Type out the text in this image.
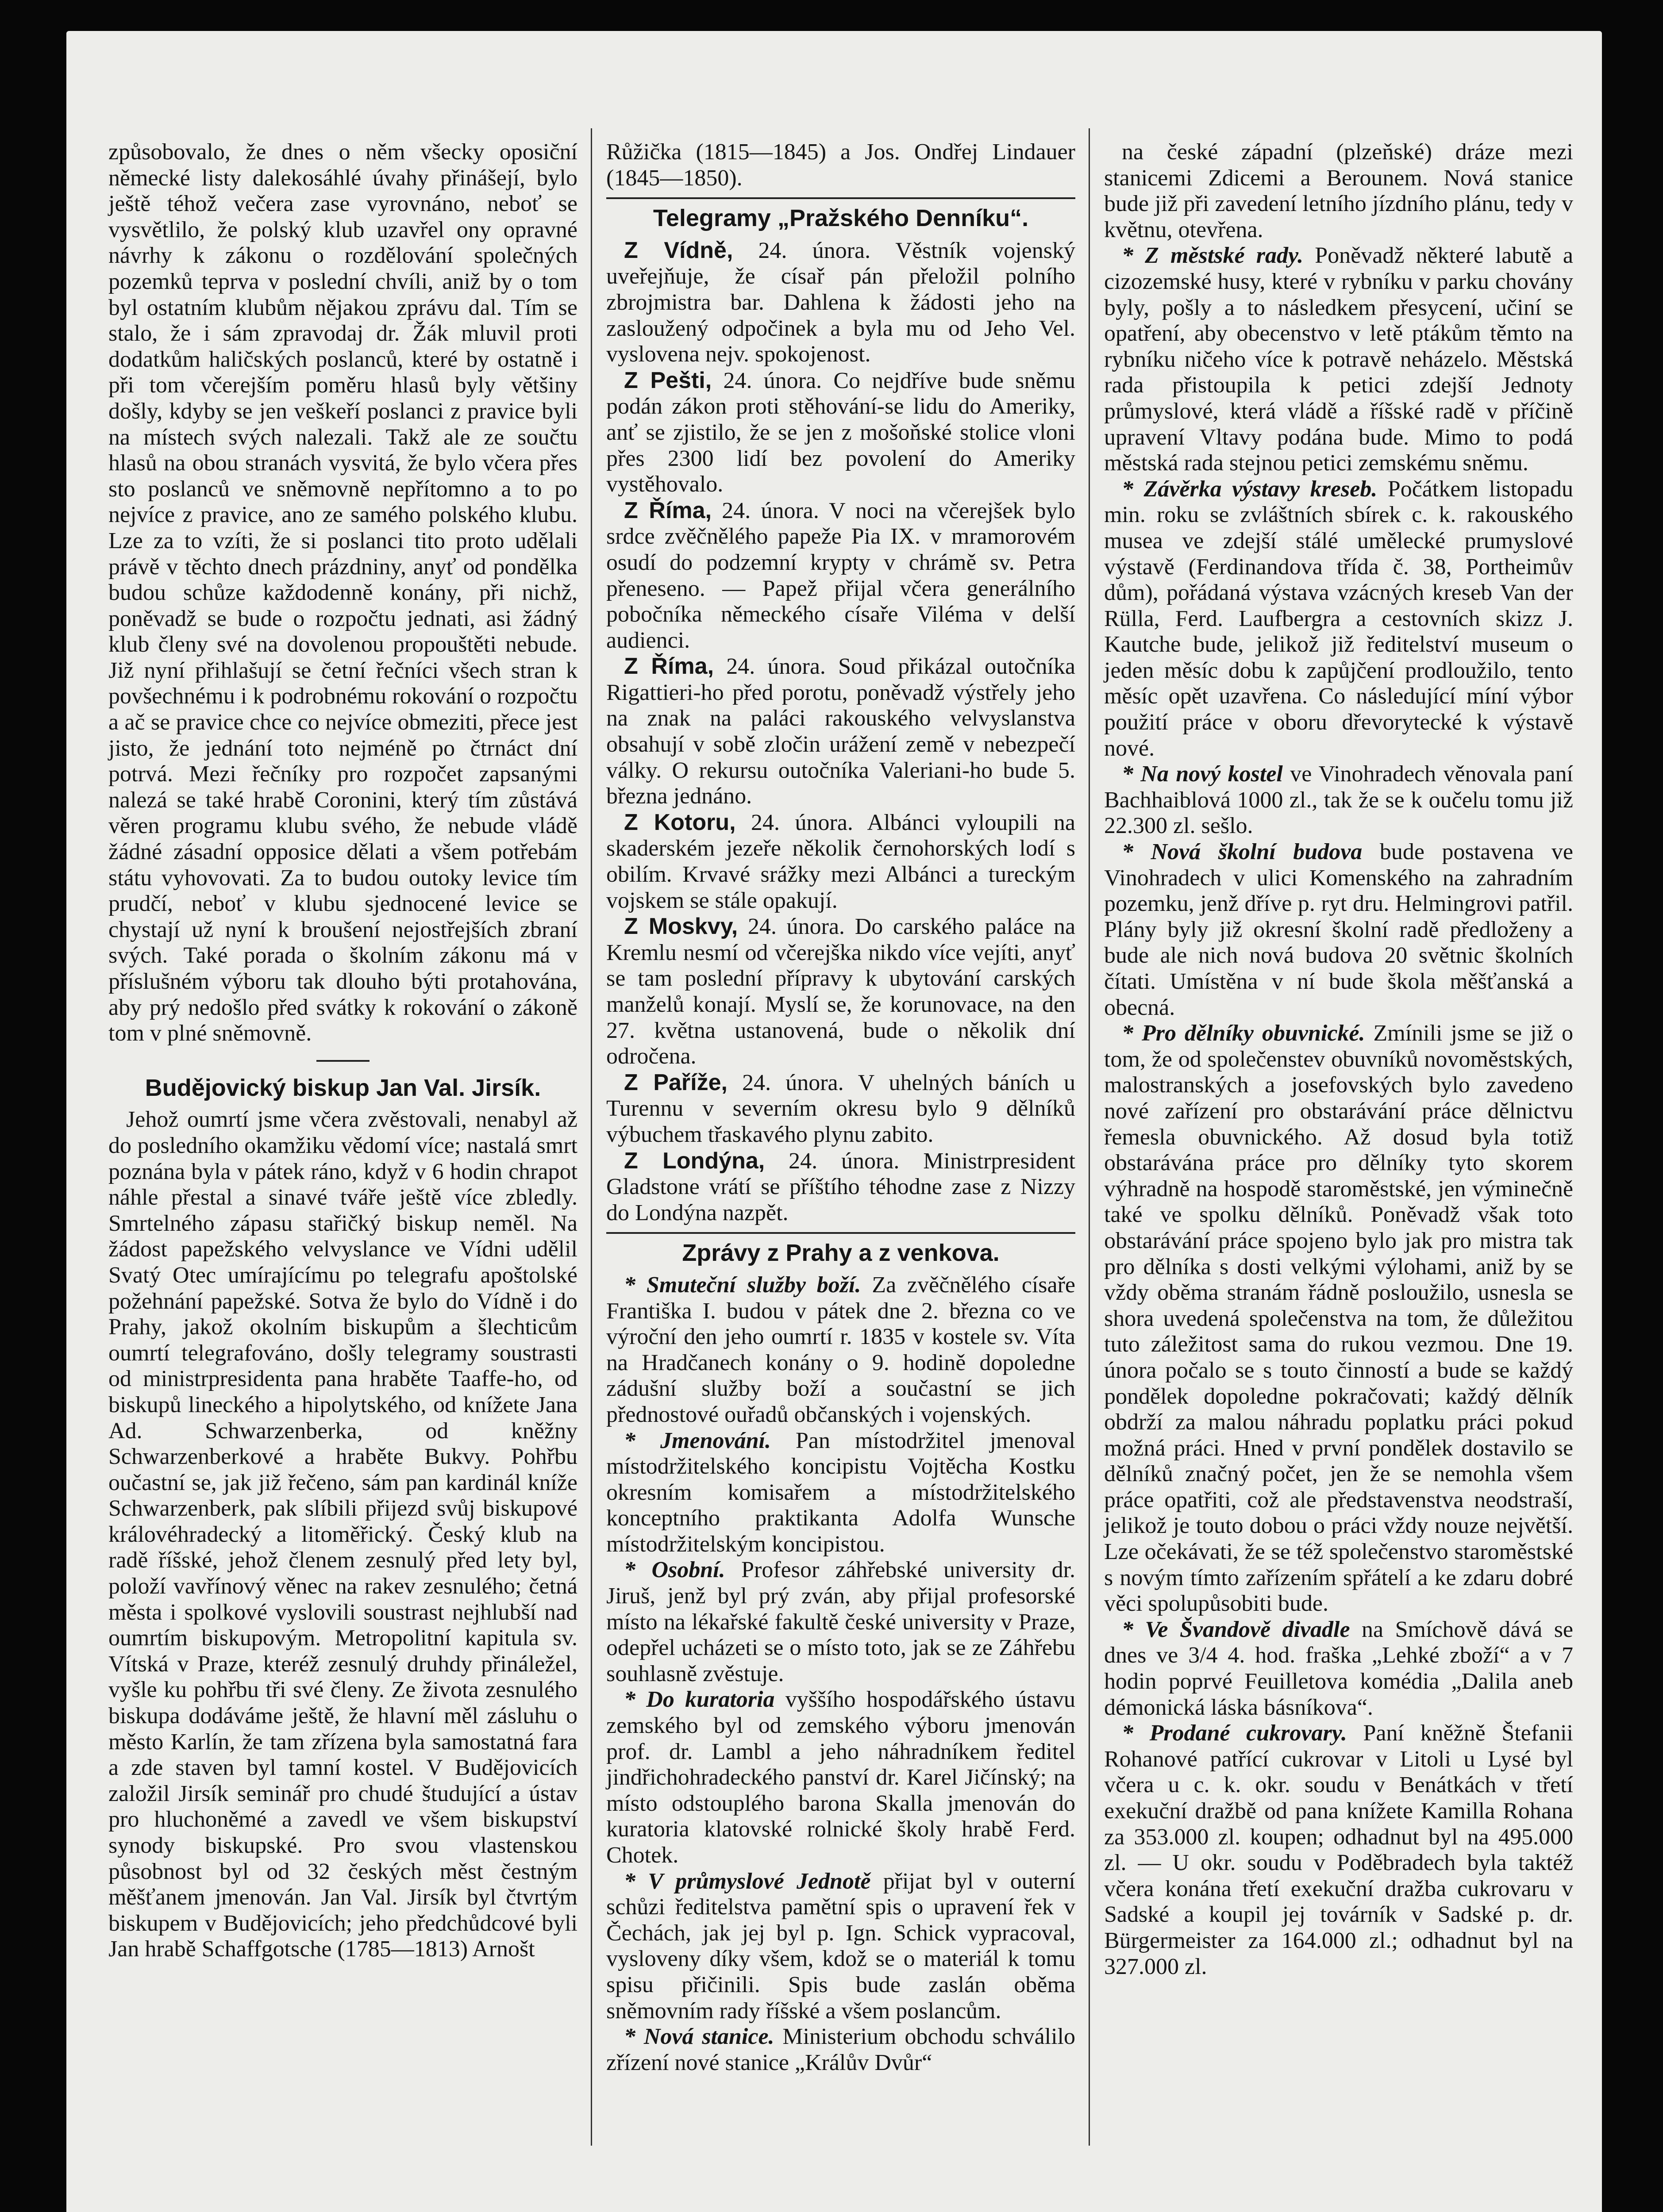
způsobovalo, že dnes o něm všecky oposiční německé listy dalekosáhlé úvahy přinášejí, bylo ještě téhož večera zase vyrovnáno, neboť se vysvětlilo, že polský klub uzavřel ony opravné návrhy k zákonu o rozdělování společných pozemků teprva v poslední chvíli, aniž by o tom byl ostatním klubům nějakou zprávu dal. Tím se stalo, že i sám zpravodaj dr. Žák mluvil proti dodatkům haličských poslanců, které by ostatně i při tom včerejším poměru hlasů byly většiny došly, kdyby se jen veškeří poslanci z pravice byli na místech svých nalezali. Takž ale ze součtu hlasů na obou stranách vysvitá, že bylo včera přes sto poslanců ve sněmovně nepřítomno a to po nejvíce z pravice, ano ze samého polského klubu. Lze za to vzíti, že si poslanci tito proto udělali právě v těchto dnech prázdniny, anyť od pondělka budou schůze každodenně konány, při nichž, poněvadž se bude o rozpočtu jednati, asi žádný klub členy své na dovolenou propouštěti nebude. Již nyní přihlašují se četní řečníci všech stran k povšechnému i k podrobnému rokování o rozpočtu a ač se pravice chce co nejvíce obmeziti, přece jest jisto, že jednání toto nejméně po čtrnáct dní potrvá. Mezi řečníky pro rozpočet zapsanými nalezá se také hrabě Coronini, který tím zůstává věren programu klubu svého, že nebude vládě žádné zásadní opposice dělati a všem potřebám státu vyhovovati. Za to budou outoky levice tím prudčí, neboť v klubu sjednocené levice se chystají už nyní k broušení nejostřejších zbraní svých. Také porada o školním zákonu má v příslušném výboru tak dlouho býti protahována, aby prý nedošlo před svátky k rokování o zákoně tom v plné sněmovně.

Budějovický biskup Jan Val. Jirsík.

Jehož oumrtí jsme včera zvěstovali, nenabyl až do posledního okamžiku vědomí více; nastalá smrt poznána byla v pátek ráno, když v 6 hodin chrapot náhle přestal a sinavé tváře ještě více zbledly. Smrtelného zápasu stařičký biskup neměl. Na žádost papežského velvyslance ve Vídni udělil Svatý Otec umírajícímu po telegrafu apoštolské požehnání papežské. Sotva že bylo do Vídně i do Prahy, jakož okolním biskupům a šlechticům oumrtí telegrafováno, došly telegramy soustrasti od ministrpresidenta pana hraběte Taaffe-ho, od biskupů lineckého a hipolytského, od knížete Jana Ad. Schwarzenberka, od kněžny Schwarzenberkové a hraběte Bukvy. Pohřbu oučastní se, jak již řečeno, sám pan kardinál kníže Schwarzenberk, pak slíbili přijezd svůj biskupové královéhradecký a litoměřický. Český klub na radě říšské, jehož členem zesnulý před lety byl, položí vavřínový věnec na rakev zesnulého; četná města i spolkové vyslovili soustrast nejhlubší nad oumrtím biskupovým. Metropolitní kapitula sv. Vítská v Praze, kteréž zesnulý druhdy přináležel, vyšle ku pohřbu tři své členy. Ze života zesnulého biskupa dodáváme ještě, že hlavní měl zásluhu o město Karlín, že tam zřízena byla samostatná fara a zde staven byl tamní kostel. V Budějovicích založil Jirsík seminář pro chudé študující a ústav pro hluchoněmé a zavedl ve všem biskupství synody biskupské. Pro svou vlastenskou působnost byl od 32 českých měst čestným měšťanem jmenován. Jan Val. Jirsík byl čtvrtým biskupem v Budějovicích; jeho předchůdcové byli Jan hrabě Schaffgotsche (1785—1813) Arnošt

Růžička (1815—1845) a Jos. Ondřej Lindauer (1845—1850).

Telegramy „Pražského Denníku“.

Z Vídně, 24. února. Věstník vojenský uveřejňuje, že císař pán přeložil polního zbrojmistra bar. Dahlena k žádosti jeho na zasloužený odpočinek a byla mu od Jeho Vel. vyslovena nejv. spokojenost.

Z Pešti, 24. února. Co nejdříve bude sněmu podán zákon proti stěhování-se lidu do Ameriky, anť se zjistilo, že se jen z mošoňské stolice vloni přes 2300 lidí bez povolení do Ameriky vystěhovalo.

Z Říma, 24. února. V noci na včerejšek bylo srdce zvěčnělého papeže Pia IX. v mramorovém osudí do podzemní krypty v chrámě sv. Petra přeneseno. — Papež přijal včera generálního pobočníka německého císaře Viléma v delší audienci.

Z Říma, 24. února. Soud přikázal outočníka Rigattieri-ho před porotu, poněvadž výstřely jeho na znak na paláci rakouského velvyslanstva obsahují v sobě zločin urážení země v nebezpečí války. O rekursu outočníka Valeriani-ho bude 5. března jednáno.

Z Kotoru, 24. února. Albánci vyloupili na skaderském jezeře několik černohorských lodí s obilím. Krvavé srážky mezi Albánci a tureckým vojskem se stále opakují.

Z Moskvy, 24. února. Do carského paláce na Kremlu nesmí od včerejška nikdo více vejíti, anyť se tam poslední přípravy k ubytování carských manželů konají. Myslí se, že korunovace, na den 27. května ustanovená, bude o několik dní odročena.

Z Paříže, 24. února. V uhelných báních u Turennu v severním okresu bylo 9 dělníků výbuchem třaskavého plynu zabito.

Z Londýna, 24. února. Ministrpresident Gladstone vrátí se příštího téhodne zase z Nizzy do Londýna nazpět.

Zprávy z Prahy a z venkova.

* Smuteční služby boží. Za zvěčnělého císaře Františka I. budou v pátek dne 2. března co ve výroční den jeho oumrtí r. 1835 v kostele sv. Víta na Hradčanech konány o 9. hodině dopoledne zádušní služby boží a součastní se jich přednostové ouřadů občanských i vojenských.

* Jmenování. Pan místodržitel jmenoval místodržitelského koncipistu Vojtěcha Kostku okresním komisařem a místodržitelského konceptního praktikanta Adolfa Wunsche místodržitelským koncipistou.

* Osobní. Profesor záhřebské university dr. Jiruš, jenž byl prý zván, aby přijal profesorské místo na lékařské fakultě české university v Praze, odepřel ucházeti se o místo toto, jak se ze Záhřebu souhlasně zvěstuje.

* Do kuratoria vyššího hospodářského ústavu zemského byl od zemského výboru jmenován prof. dr. Lambl a jeho náhradníkem ředitel jindřichohradeckého panství dr. Karel Jičínský; na místo odstouplého barona Skalla jmenován do kuratoria klatovské rolnické školy hrabě Ferd. Chotek.

* V průmyslové Jednotě přijat byl v outerní schůzi ředitelstva pamětní spis o upravení řek v Čechách, jak jej byl p. Ign. Schick vypracoval, vysloveny díky všem, kdož se o materiál k tomu spisu přičinili. Spis bude zaslán oběma sněmovním rady říšské a všem poslancům.

* Nová stanice. Ministerium obchodu schválilo zřízení nové stanice „Králův Dvůr“

na české západní (plzeňské) dráze mezi stanicemi Zdicemi a Berounem. Nová stanice bude již při zavedení letního jízdního plánu, tedy v květnu, otevřena.

* Z městské rady. Poněvadž některé labutě a cizozemské husy, které v rybníku v parku chovány byly, pošly a to následkem přesycení, učiní se opatření, aby obecenstvo v letě ptákům těmto na rybníku ničeho více k potravě neházelo. Městská rada přistoupila k petici zdejší Jednoty průmyslové, která vládě a říšské radě v příčině upravení Vltavy podána bude. Mimo to podá městská rada stejnou petici zemskému sněmu.

* Závěrka výstavy kreseb. Počátkem listopadu min. roku se zvláštních sbírek c. k. rakouského musea ve zdejší stálé umělecké prumyslové výstavě (Ferdinandova třída č. 38, Portheimův dům), pořádaná výstava vzácných kreseb Van der Rülla, Ferd. Laufbergra a cestovních skizz J. Kautche bude, jelikož již ředitelství museum o jeden měsíc dobu k zapůjčení prodloužilo, tento měsíc opět uzavřena. Co následující míní výbor použití práce v oboru dřevorytecké k výstavě nové.

* Na nový kostel ve Vinohradech věnovala paní Bachhaiblová 1000 zl., tak že se k oučelu tomu již 22.300 zl. sešlo.

* Nová školní budova bude postavena ve Vinohradech v ulici Komenského na zahradním pozemku, jenž dříve p. ryt dru. Helmingrovi patřil. Plány byly již okresní školní radě předloženy a bude ale nich nová budova 20 světnic školních čítati. Umístěna v ní bude škola měšťanská a obecná.

* Pro dělníky obuvnické. Zmínili jsme se již o tom, že od společenstev obuvníků novoměstských, malostranských a josefovských bylo zavedeno nové zařízení pro obstarávání práce dělnictvu řemesla obuvnického. Až dosud byla totiž obstarávána práce pro dělníky tyto skorem výhradně na hospodě staroměstské, jen výminečně také ve spolku dělníků. Poněvadž však toto obstarávání práce spojeno bylo jak pro mistra tak pro dělníka s dosti velkými výlohami, aniž by se vždy oběma stranám řádně posloužilo, usnesla se shora uvedená společenstva na tom, že důležitou tuto záležitost sama do rukou vezmou. Dne 19. února počalo se s touto činností a bude se každý pondělek dopoledne pokračovati; každý dělník obdrží za malou náhradu poplatku práci pokud možná práci. Hned v první pondělek dostavilo se dělníků značný počet, jen že se nemohla všem práce opatřiti, což ale představenstva neodstraší, jelikož je touto dobou o práci vždy nouze největší. Lze očekávati, že se též společenstvo staroměstské s novým tímto zařízením spřátelí a ke zdaru dobré věci spolupůsobiti bude.

* Ve Švandově divadle na Smíchově dává se dnes ve 3/4 4. hod. fraška „Lehké zboží“ a v 7 hodin poprvé Feuilletova komédia „Dalila aneb démonická láska básníkova“.

* Prodané cukrovary. Paní kněžně Štefanii Rohanové patřící cukrovar v Litoli u Lysé byl včera u c. k. okr. soudu v Benátkách v třetí exekuční dražbě od pana knížete Kamilla Rohana za 353.000 zl. koupen; odhadnut byl na 495.000 zl. — U okr. soudu v Poděbradech byla taktéž včera konána třetí exekuční dražba cukrovaru v Sadské a koupil jej továrník v Sadské p. dr. Bürgermeister za 164.000 zl.; odhadnut byl na 327.000 zl.
